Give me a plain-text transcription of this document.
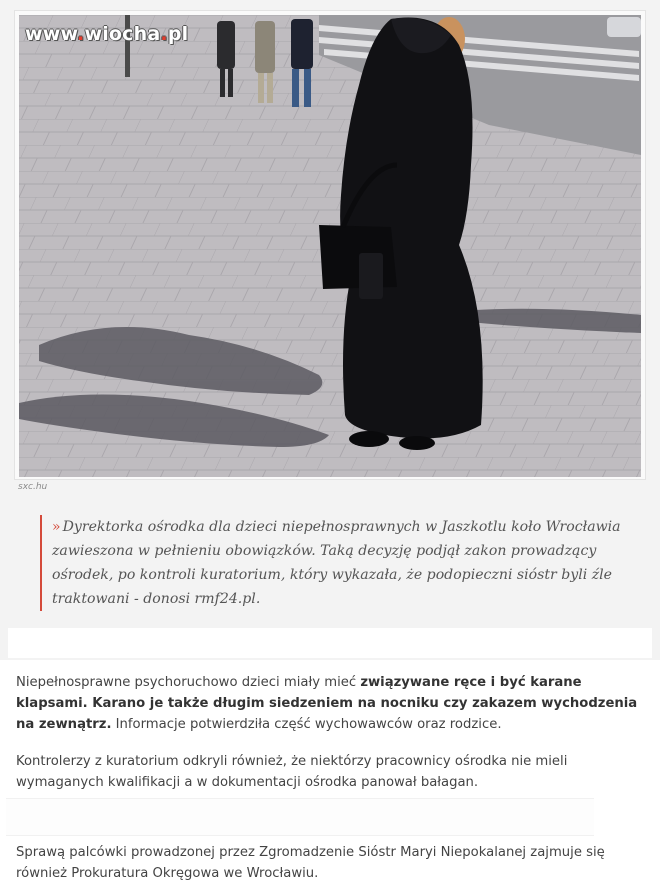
www.wiocha.pl
sxc.hu

» Dyrektorka ośrodka dla dzieci niepełnosprawnych w Jaszkotlu koło Wrocławia zawieszona w pełnieniu obowiązków. Taką decyzję podjął zakon prowadzący ośrodek, po kontroli kuratorium, który wykazała, że podopieczni sióstr byli źle traktowani - donosi rmf24.pl.

Niepełnosprawne psychoruchowo dzieci miały mieć związywane ręce i być karane klapsami. Karano je także długim siedzeniem na nocniku czy zakazem wychodzenia na zewnątrz. Informacje potwierdziła część wychowawców oraz rodzice.

Kontrolerzy z kuratorium odkryli również, że niektórzy pracownicy ośrodka nie mieli wymaganych kwalifikacji a w dokumentacji ośrodka panował bałagan.

Sprawą palcówki prowadzonej przez Zgromadzenie Sióstr Maryi Niepokalanej zajmuje się również Prokuratura Okręgowa we Wrocławiu.
